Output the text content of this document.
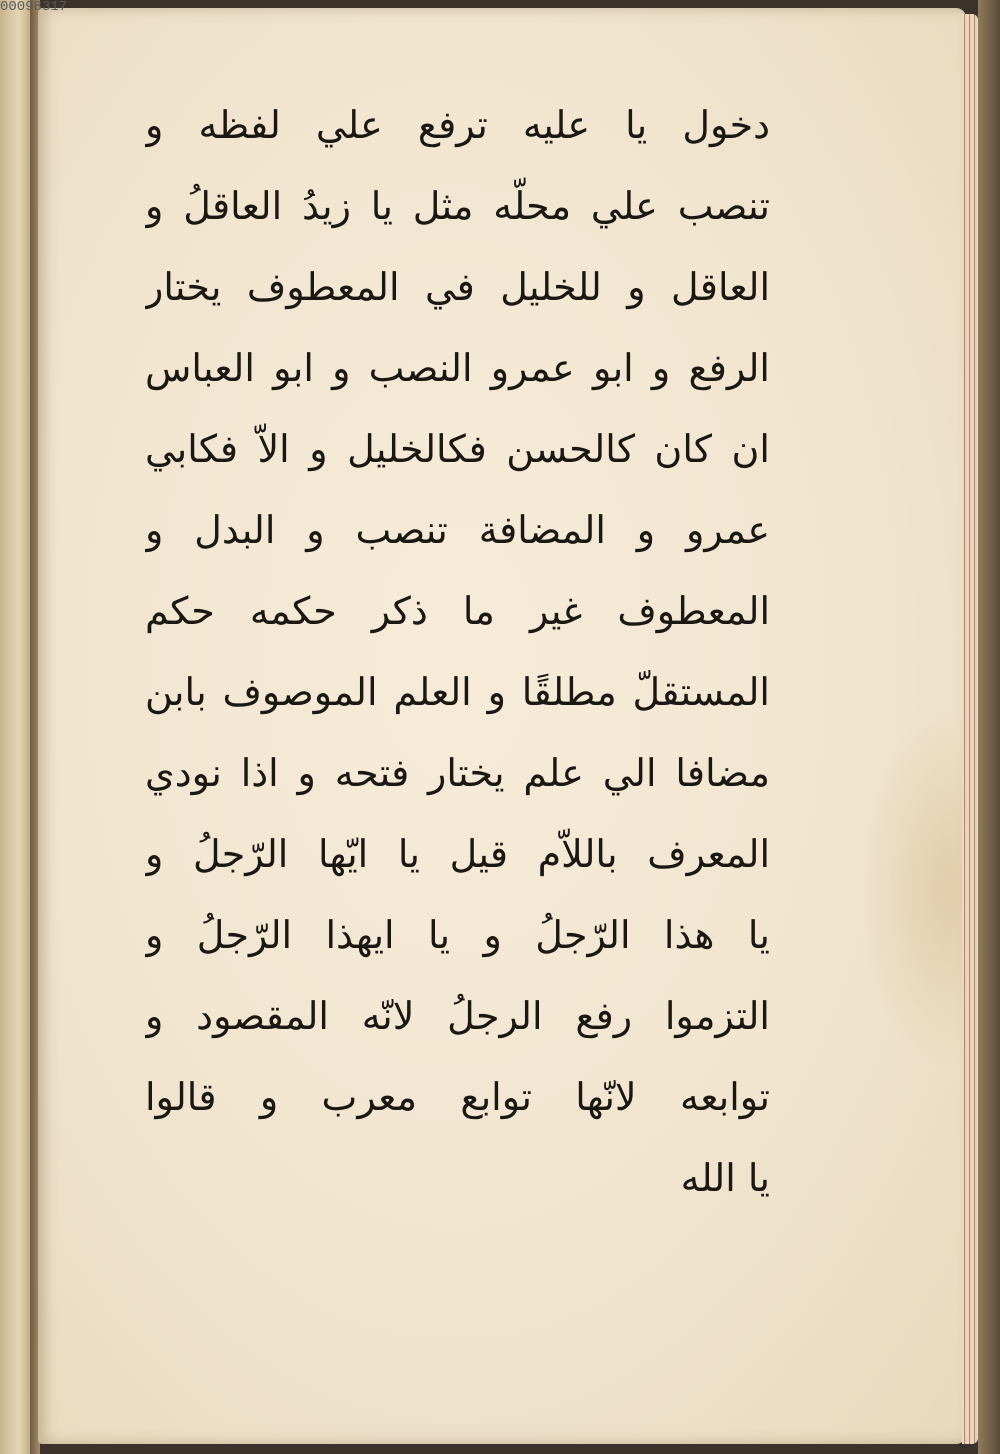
00098317
دخول يا عليه ترفع علي لفظه و
تنصب علي محلّه مثل يا زيدُ العاقلُ و
العاقل و للخليل في المعطوف يختار
الرفع و ابو عمرو النصب و ابو العباس
ان كان كالحسن فكالخليل و الاّ فكابي
عمرو و المضافة تنصب و البدل و
المعطوف غير ما ذكر حكمه حكم
المستقلّ مطلقًا و العلم الموصوف بابن
مضافا الي علم يختار فتحه و اذا نودي
المعرف باللاّم قيل يا ايّها الرّجلُ و
يا هذا الرّجلُ و يا ايهذا الرّجلُ و
التزموا رفع الرجلُ لانّه المقصود و
توابعه لانّها توابع معرب و قالوا
يا الله
